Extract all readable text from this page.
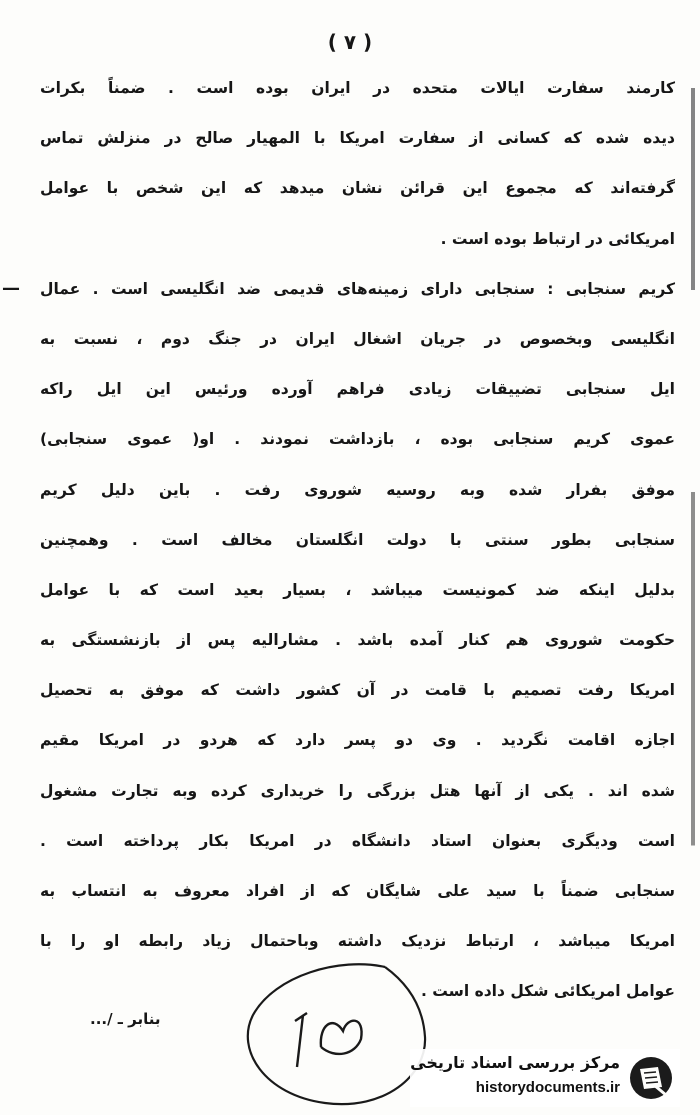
( ۷ )
کارمند سفارت ایالات متحده در ایران بوده است . ضمناً بکرات
دیده شده که کسانی از سفارت امریکا با المهیار صالح در منزلش تماس
گرفته‌اند که مجموع این قرائن نشان میدهد که این شخص با عوامل
امریکائی در ارتباط بوده است .
کریم سنجابی : سنجابی دارای زمینه‌های قدیمی ضد انگلیسی است . عمال
—
انگلیسی وبخصوص در جریان اشغال ایران در جنگ دوم ، نسبت به
ایل سنجابی تضییقات زیادی فراهم آورده ورئیس این ایل راکه
عموی کریم سنجابی بوده ، بازداشت نمودند . او( عموی سنجابی)
موفق بفرار شده وبه روسیه شوروی رفت . باین دلیل کریم
سنجابی بطور سنتی با دولت انگلستان مخالف است . وهمچنین
بدلیل اینکه ضد کمونیست میباشد ، بسیار بعید است که با عوامل
حکومت شوروی هم کنار آمده باشد . مشارالیه پس از بازنشستگی به
امریکا رفت تصمیم با قامت در آن کشور داشت که موفق به تحصیل
اجازه اقامت نگردید . وی دو پسر دارد که هردو در امریکا مقیم
شده اند . یکی از آنها هتل بزرگی را خریداری کرده وبه تجارت مشغول
است ودیگری بعنوان استاد دانشگاه در امریکا بکار پرداخته است .
سنجابی ضمناً با سید علی شایگان که از افراد معروف به انتساب به
امریکا میباشد ، ارتباط نزدیک داشته وباحتمال زیاد رابطه او را با
عوامل امریکائی شکل داده است .
بنابر ـ /...
مرکز بررسی اسناد تاریخی
historydocuments.ir
